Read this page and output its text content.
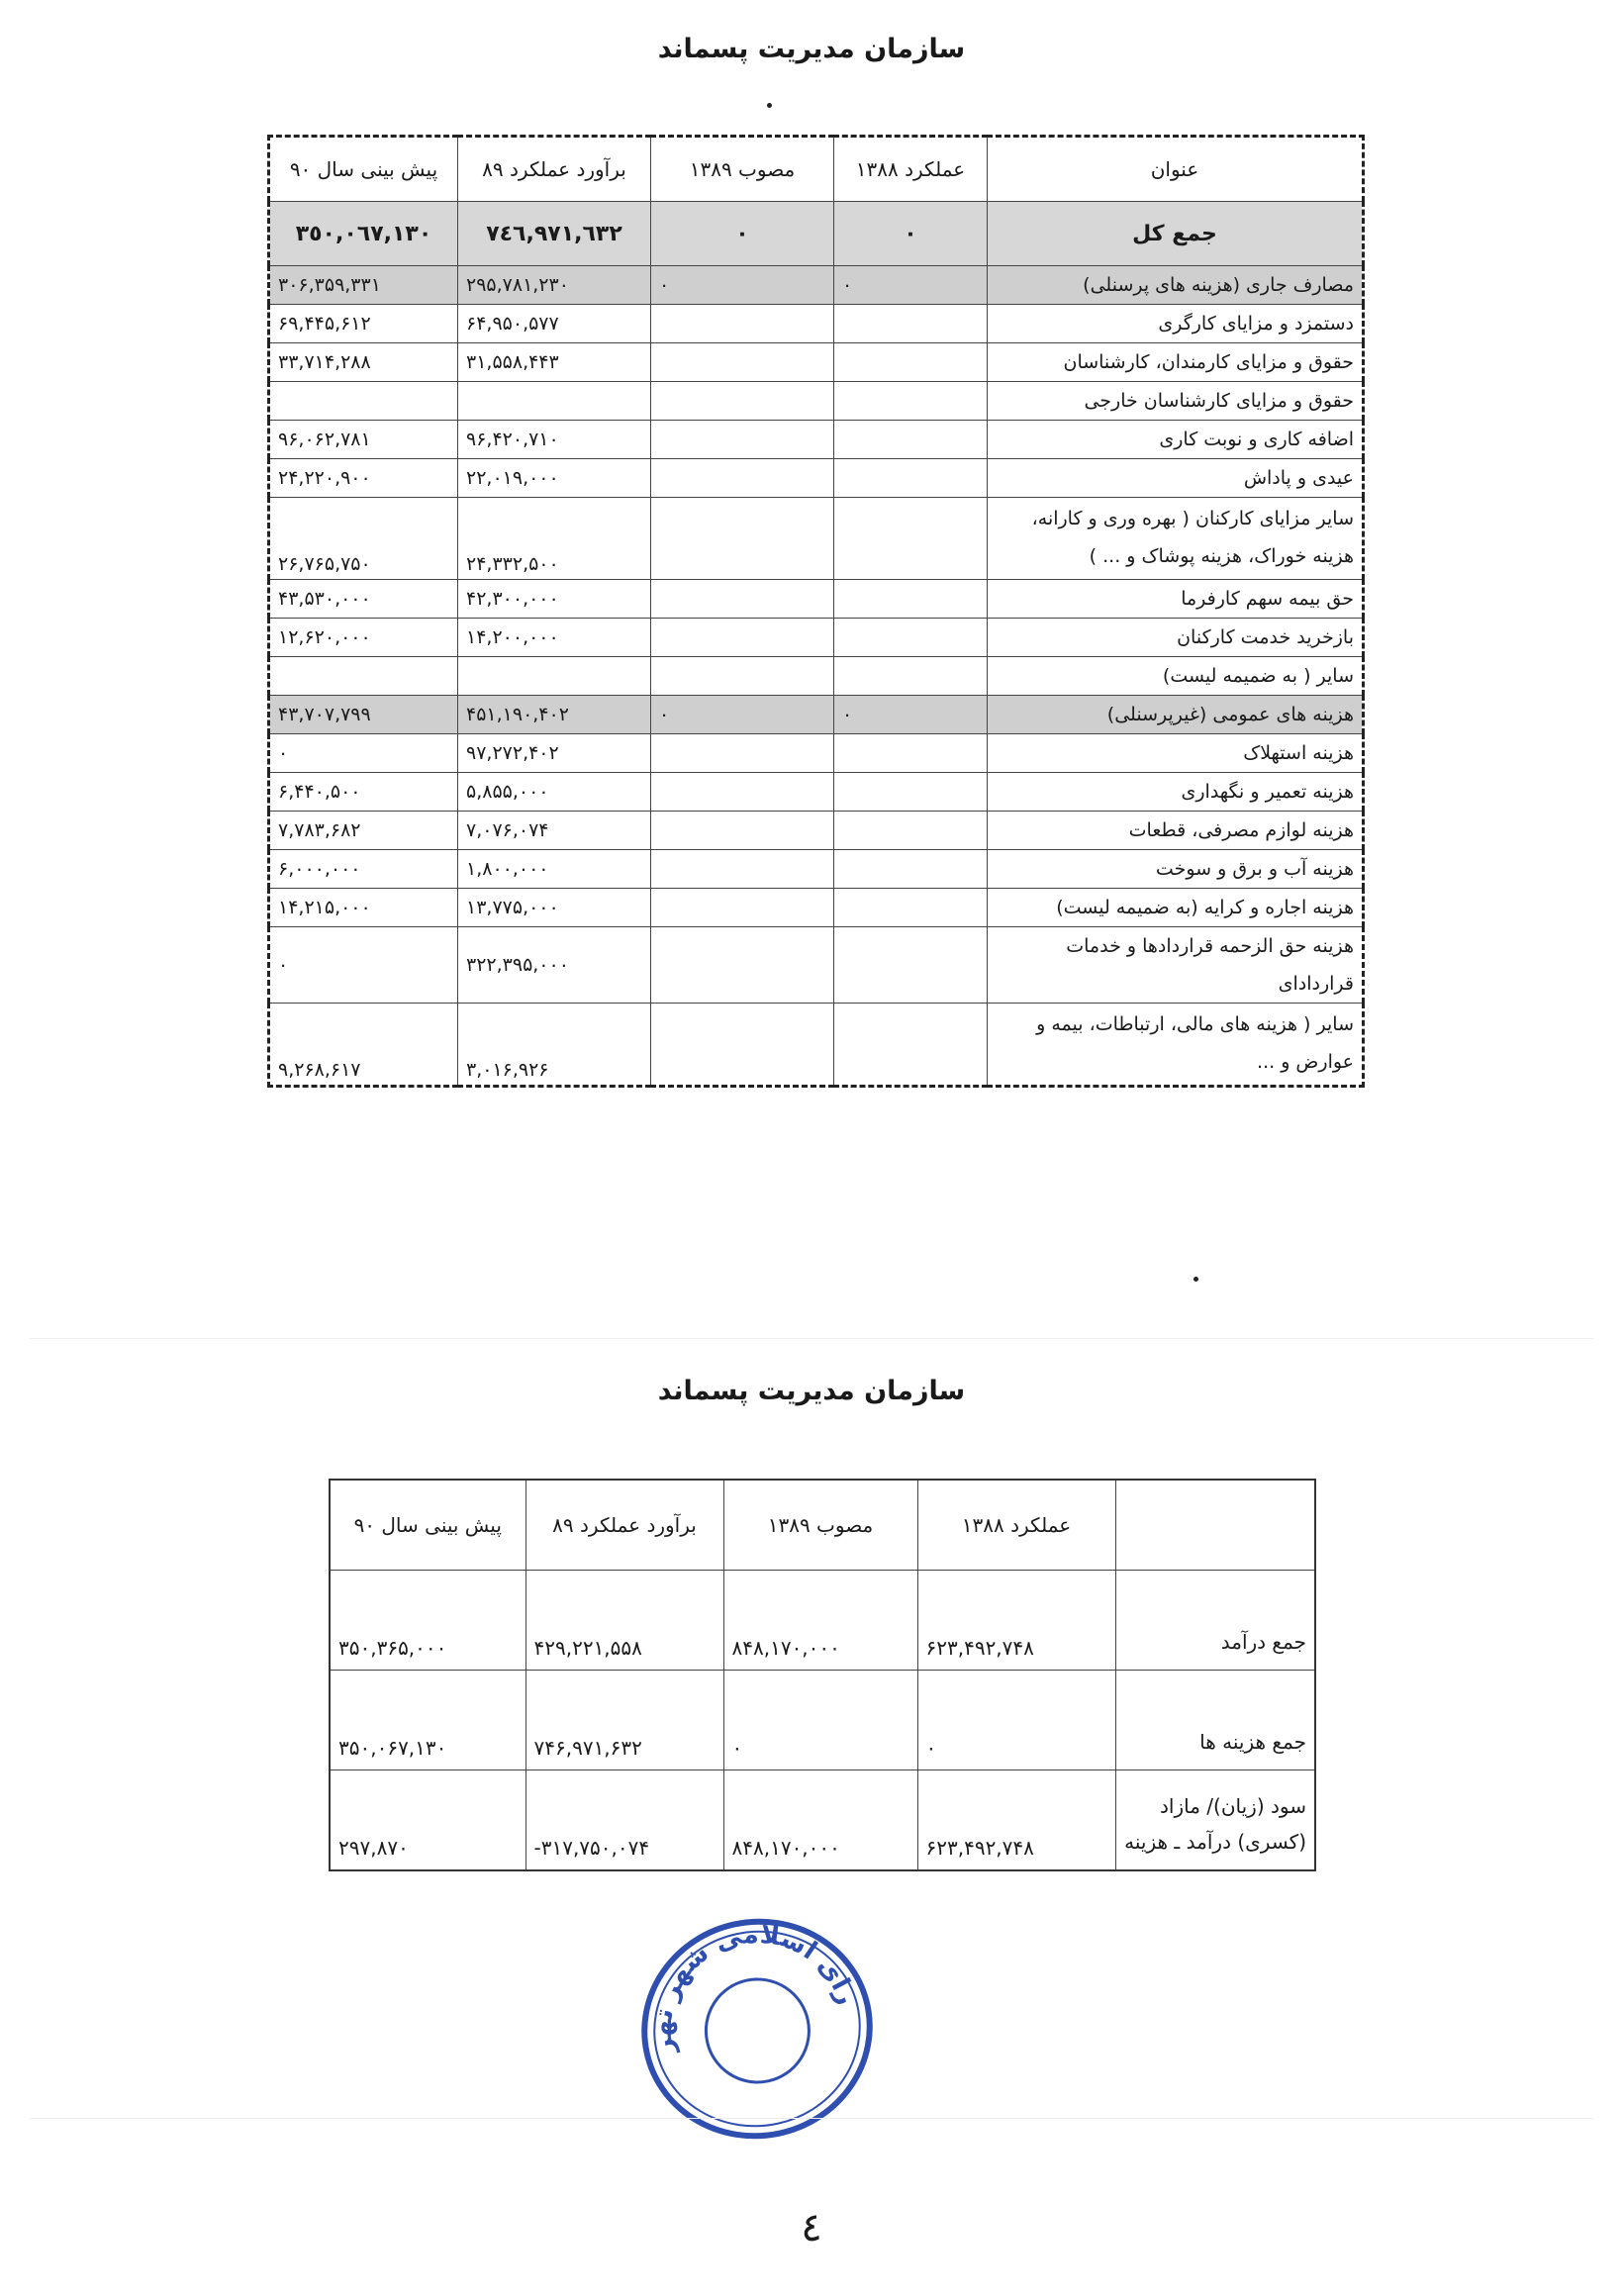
سازمان مدیریت پسماند
عنوان	عملکرد ۱۳۸۸	مصوب ۱۳۸۹	برآورد عملکرد ۸۹	پیش بینی سال ۹۰
جمع کل	۰	۰	٧٤٦,٩٧١,٦٣٢	٣٥٠,٠٦٧,١٣٠
مصارف جاری (هزینه های پرسنلی)	۰	۰	۲۹۵,۷۸۱,۲۳۰	۳۰۶,۳۵۹,۳۳۱
دستمزد و مزایای کارگری			۶۴,۹۵۰,۵۷۷	۶۹,۴۴۵,۶۱۲
حقوق و مزایای کارمندان، کارشناسان			۳۱,۵۵۸,۴۴۳	۳۳,۷۱۴,۲۸۸
حقوق و مزایای کارشناسان خارجی				
اضافه کاری و نوبت کاری			۹۶,۴۲۰,۷۱۰	۹۶,۰۶۲,۷۸۱
عیدی و پاداش			۲۲,۰۱۹,۰۰۰	۲۴,۲۲۰,۹۰۰
سایر مزایای کارکنان ( بهره وری و کارانه، هزینه خوراک، هزینه پوشاک و ... )			۲۴,۳۳۲,۵۰۰	۲۶,۷۶۵,۷۵۰
حق بیمه سهم کارفرما			۴۲,۳۰۰,۰۰۰	۴۳,۵۳۰,۰۰۰
بازخرید خدمت کارکنان			۱۴,۲۰۰,۰۰۰	۱۲,۶۲۰,۰۰۰
سایر ( به ضمیمه لیست)				
هزینه های عمومی (غیرپرسنلی)	۰	۰	۴۵۱,۱۹۰,۴۰۲	۴۳,۷۰۷,۷۹۹
هزینه استهلاک			۹۷,۲۷۲,۴۰۲	۰
هزینه تعمیر و نگهداری			۵,۸۵۵,۰۰۰	۶,۴۴۰,۵۰۰
هزینه لوازم مصرفی، قطعات			۷,۰۷۶,۰۷۴	۷,۷۸۳,۶۸۲
هزینه آب و برق و سوخت			۱,۸۰۰,۰۰۰	۶,۰۰۰,۰۰۰
هزینه اجاره و کرایه (به ضمیمه لیست)			۱۳,۷۷۵,۰۰۰	۱۴,۲۱۵,۰۰۰
هزینه حق الزحمه قراردادها و خدمات قراردادای			۳۲۲,۳۹۵,۰۰۰	۰
سایر ( هزینه های مالی، ارتباطات، بیمه و عوارض و ...			۳,۰۱۶,۹۲۶	۹,۲۶۸,۶۱۷
سازمان مدیریت پسماند
	عملکرد ۱۳۸۸	مصوب ۱۳۸۹	برآورد عملکرد ۸۹	پیش بینی سال ۹۰
جمع درآمد	۶۲۳,۴۹۲,۷۴۸	۸۴۸,۱۷۰,۰۰۰	۴۲۹,۲۲۱,۵۵۸	۳۵۰,۳۶۵,۰۰۰
جمع هزینه ها	۰	۰	۷۴۶,۹۷۱,۶۳۲	۳۵۰,۰۶۷,۱۳۰
سود (زیان)/ مازاد (کسری) درآمد ـ هزینه	۶۲۳,۴۹۲,۷۴۸	۸۴۸,۱۷۰,۰۰۰	-۳۱۷,۷۵۰,۰۷۴	۲۹۷,۸۷۰
شورای اسلامی شهر تهران
٤
